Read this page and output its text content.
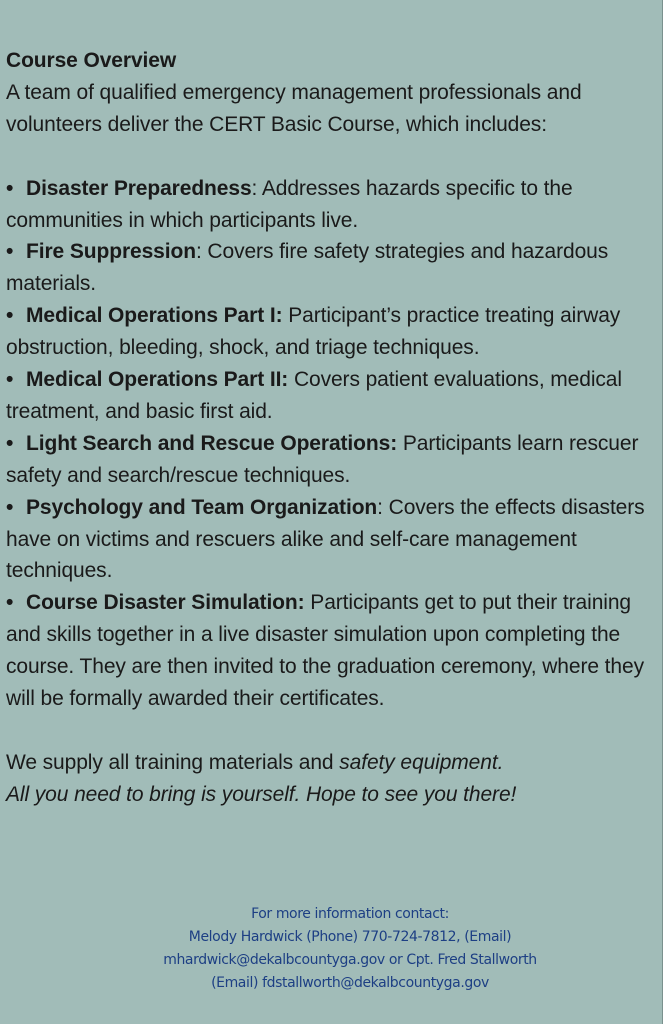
Course Overview

A team of qualified emergency management professionals and volunteers deliver the CERT Basic Course, which includes:

• Disaster Preparedness: Addresses hazards specific to the communities in which participants live.
• Fire Suppression: Covers fire safety strategies and hazardous materials.
• Medical Operations Part I: Participant’s practice treating airway obstruction, bleeding, shock, and triage techniques.
• Medical Operations Part II: Covers patient evaluations, medical treatment, and basic first aid.
• Light Search and Rescue Operations: Participants learn rescuer safety and search/rescue techniques.
• Psychology and Team Organization: Covers the effects disasters have on victims and rescuers alike and self-care management techniques.
• Course Disaster Simulation: Participants get to put their training and skills together in a live disaster simulation upon completing the course. They are then invited to the graduation ceremony, where they will be formally awarded their certificates.

We supply all training materials and safety equipment.

All you need to bring is yourself. Hope to see you there!

For more information contact:

Melody Hardwick (Phone) 770-724-7812, (Email)

mhardwick@dekalbcountyga.gov or Cpt. Fred Stallworth

(Email) fdstallworth@dekalbcountyga.gov
